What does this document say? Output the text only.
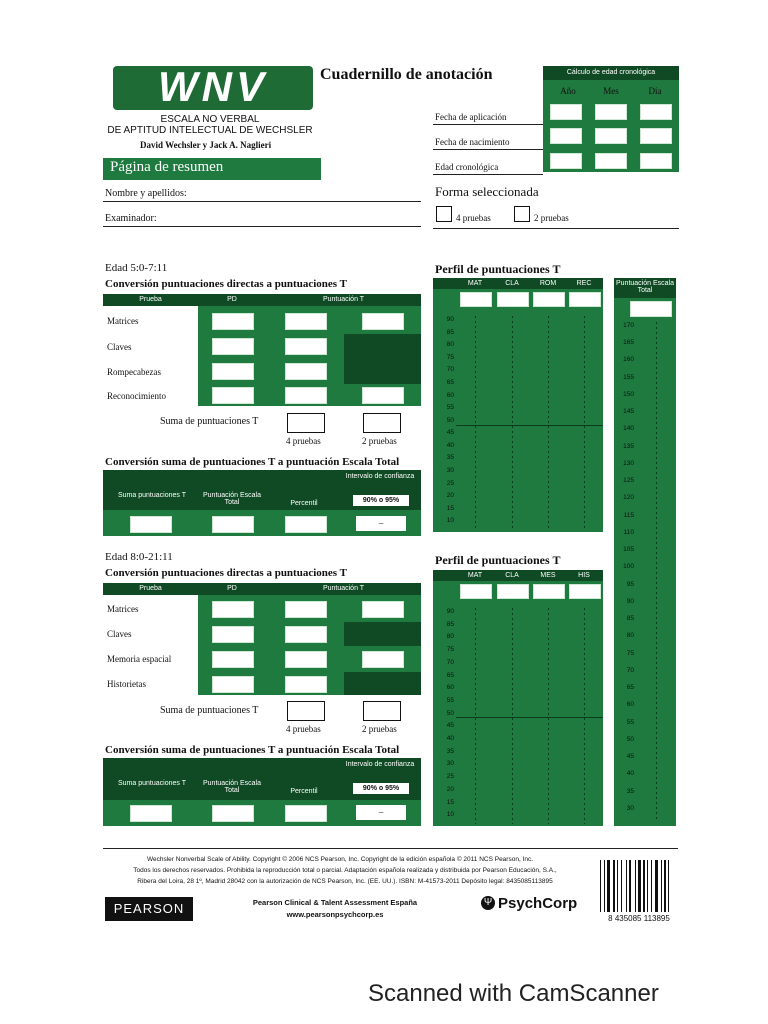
WNV	Cuadernillo de anotación
ESCALA NO VERBAL
DE APTITUD INTELECTUAL DE WECHSLER
David Wechsler y Jack A. Naglieri
Página de resumen
Nombre y apellidos:
Examinador:
Cálculo de edad cronológica
Año	Mes	Día
Fecha de aplicación
Fecha de nacimiento
Edad cronológica
Forma seleccionada
4 pruebas	2 pruebas
Edad 5:0-7:11
Conversión puntuaciones directas a puntuaciones T
Prueba	PD	Puntuación T
Matrices
Claves
Rompecabezas
Reconocimiento
Suma de puntuaciones T
4 pruebas	2 pruebas
Conversión suma de puntuaciones T a puntuación Escala Total
Suma puntuaciones T	Puntuación Escala Total	Percentil
Intervalo de confianza
90% o 95%
–
Perfil de puntuaciones T
MAT	CLA	ROM	REC
90
85
80
75
70
65
60
55
50
45
40
35
30
25
20
15
10
Edad 8:0-21:11
Conversión puntuaciones directas a puntuaciones T
Prueba	PD	Puntuación T
Matrices
Claves
Memoria espacial
Historietas
Suma de puntuaciones T
4 pruebas	2 pruebas
Conversión suma de puntuaciones T a puntuación Escala Total
Suma puntuaciones T	Puntuación Escala Total	Percentil
Intervalo de confianza
90% o 95%
–
Perfil de puntuaciones T
MAT	CLA	MES	HIS
90
85
80
75
70
65
60
55
50
45
40
35
30
25
20
15
10
Puntuación Escala Total
170
165
160
155
150
145
140
135
130
125
120
115
110
105
100
95
90
85
80
75
70
65
60
55
50
45
40
35
30
Wechsler Nonverbal Scale of Ability. Copyright © 2006 NCS Pearson, Inc. Copyright de la edición española © 2011 NCS Pearson, Inc.
Todos los derechos reservados. Prohibida la reproducción total o parcial. Adaptación española realizada y distribuida por Pearson Educación, S.A.,
Ribera del Loira, 28 1º, Madrid 28042 con la autorización de NCS Pearson, Inc. (EE. UU.). ISBN: M-41573-2011 Depósito legal: 8435085113895
PEARSON	Pearson Clinical & Talent Assessment España
www.pearsonpsychcorp.es
Ψ PsychCorp
8 435085 113895
Scanned with CamScanner
